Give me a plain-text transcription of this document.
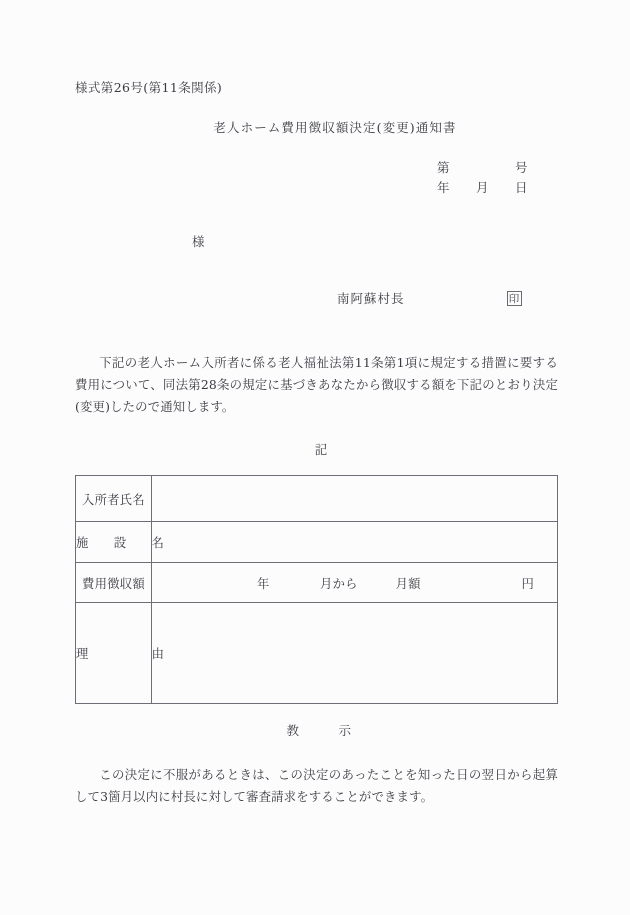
様式第26号(第11条関係)
老人ホーム費用徴収額決定(変更)通知書
第　　　　　号
年　　月　　日
様
南阿蘇村長	印
下記の老人ホーム入所者に係る老人福祉法第11条第1項に規定する措置に要する費用について、同法第28条の規定に基づきあなたから徴収する額を下記のとおり決定(変更)したので通知します。
記
入所者氏名	
施　　設　　名	
費用徴収額	年　　　　月から　　　月額　　　　　　　　円
理　　　　　由	
教　　　示
この決定に不服があるときは、この決定のあったことを知った日の翌日から起算して3箇月以内に村長に対して審査請求をすることができます。
